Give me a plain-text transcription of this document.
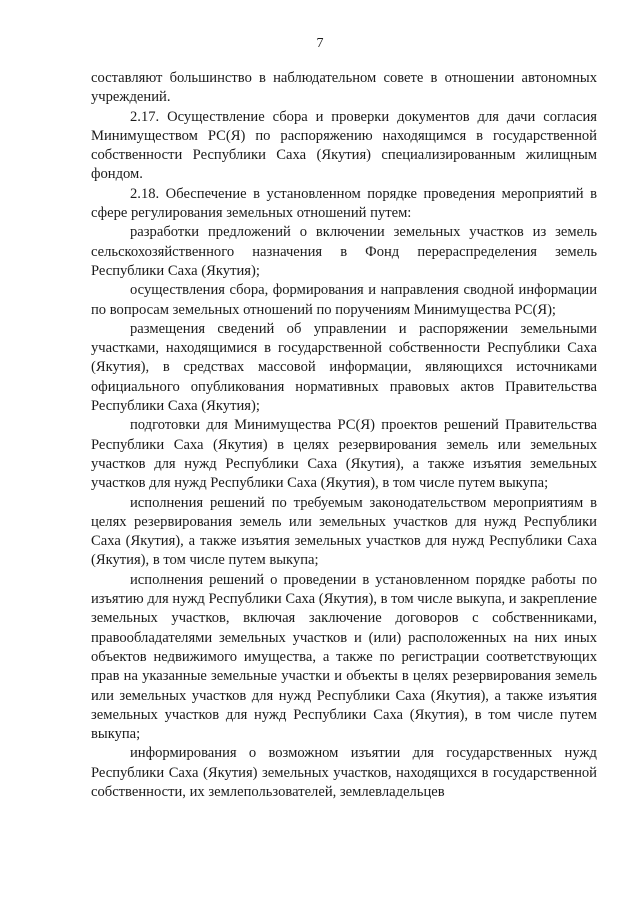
7

составляют большинство в наблюдательном совете в отношении автономных учреждений.

2.17. Осуществление сбора и проверки документов для дачи согласия Минимуществом РС(Я) по распоряжению находящимся в государственной собственности Республики Саха (Якутия) специализированным жилищным фондом.

2.18. Обеспечение в установленном порядке проведения мероприятий в сфере регулирования земельных отношений путем:

разработки предложений о включении земельных участков из земель сельскохозяйственного назначения в Фонд перераспределения земель Республики Саха (Якутия);

осуществления сбора, формирования и направления сводной информации по вопросам земельных отношений по поручениям Минимущества РС(Я);

размещения сведений об управлении и распоряжении земельными участками, находящимися в государственной собственности Республики Саха (Якутия), в средствах массовой информации, являющихся источниками официального опубликования нормативных правовых актов Правительства Республики Саха (Якутия);

подготовки для Минимущества РС(Я) проектов решений Правительства Республики Саха (Якутия) в целях резервирования земель или земельных участков для нужд Республики Саха (Якутия), а также изъятия земельных участков для нужд Республики Саха (Якутия), в том числе путем выкупа;

исполнения решений по требуемым законодательством мероприятиям в целях резервирования земель или земельных участков для нужд Республики Саха (Якутия), а также изъятия земельных участков для нужд Республики Саха (Якутия), в том числе путем выкупа;

исполнения решений о проведении в установленном порядке работы по изъятию для нужд Республики Саха (Якутия), в том числе выкупа, и закрепление земельных участков, включая заключение договоров с собственниками, правообладателями земельных участков и (или) расположенных на них иных объектов недвижимого имущества, а также по регистрации соответствующих прав на указанные земельные участки и объекты в целях резервирования земель или земельных участков для нужд Республики Саха (Якутия), а также изъятия земельных участков для нужд Республики Саха (Якутия), в том числе путем выкупа;

информирования о возможном изъятии для государственных нужд Республики Саха (Якутия) земельных участков, находящихся в государственной собственности, их землепользователей, землевладельцев
